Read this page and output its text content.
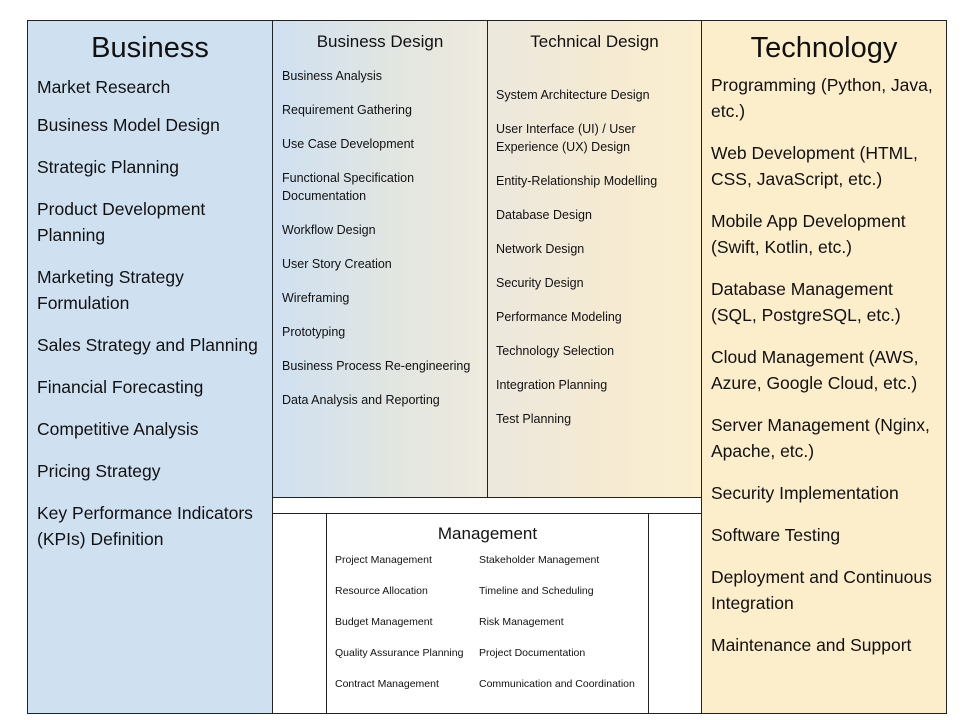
Business
Market Research
Business Model Design
Strategic Planning
Product Development Planning
Marketing Strategy Formulation
Sales Strategy and Planning
Financial Forecasting
Competitive Analysis
Pricing Strategy
Key Performance Indicators (KPIs) Definition
Business Design
Business Analysis
Requirement Gathering
Use Case Development
Functional Specification Documentation
Workflow Design
User Story Creation
Wireframing
Prototyping
Business Process Re-engineering
Data Analysis and Reporting
Technical Design
System Architecture Design
User Interface (UI) / User Experience (UX) Design
Entity-Relationship Modelling
Database Design
Network Design
Security Design
Performance Modeling
Technology Selection
Integration Planning
Test Planning
Technology
Programming (Python, Java, etc.)
Web Development (HTML, CSS, JavaScript, etc.)
Mobile App Development (Swift, Kotlin, etc.)
Database Management (SQL, PostgreSQL, etc.)
Cloud Management (AWS, Azure, Google Cloud, etc.)
Server Management (Nginx, Apache, etc.)
Security Implementation
Software Testing
Deployment and Continuous Integration
Maintenance and Support
Management
Project Management	Stakeholder Management
Resource Allocation	Timeline and Scheduling
Budget Management	Risk Management
Quality Assurance Planning	Project Documentation
Contract Management	Communication and Coordination
